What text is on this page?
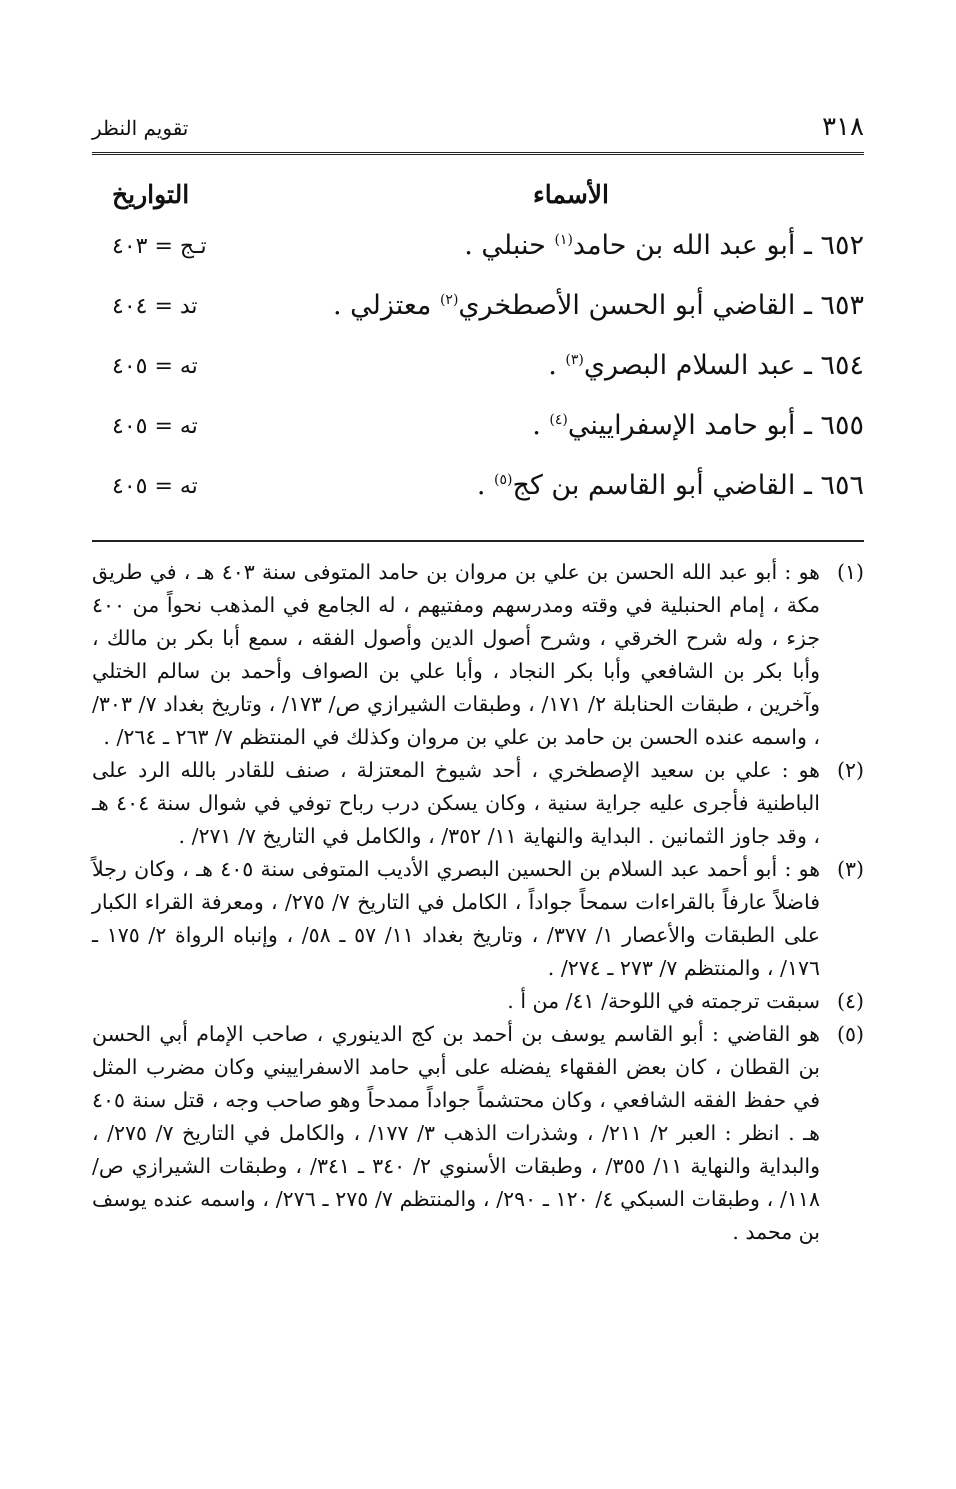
٣١٨
تقويم النظر
الأسماء
التواريخ
٦٥٢ ـ أبو عبد الله بن حامد$^{(١)}$ حنبلي .
تـج = ٤٠٣
٦٥٣ ـ القاضي أبو الحسن الأصطخري$^{(٢)}$ معتزلي .
تد = ٤٠٤
٦٥٤ ـ عبد السلام البصري$^{(٣)}$ .
ته = ٤٠٥
٦٥٥ ـ أبو حامد الإسفراييني$^{(٤)}$ .
ته = ٤٠٥
٦٥٦ ـ القاضي أبو القاسم بن كج$^{(٥)}$ .
ته = ٤٠٥
(١)
هو : أبو عبد الله الحسن بن علي بن مروان بن حامد المتوفى سنة ٤٠٣ هـ ، في طريق مكة ، إمام الحنبلية في وقته ومدرسهم ومفتيهم ، له الجامع في المذهب نحواً من ٤٠٠ جزء ، وله شرح الخرقي ، وشرح أصول الدين وأصول الفقه ، سمع أبا بكر بن مالك ، وأبا بكر بن الشافعي وأبا بكر النجاد ، وأبا علي بن الصواف وأحمد بن سالم الختلي وآخرين ، طبقات الحنابلة ٢/ ١٧١/ ، وطبقات الشيرازي ص/ ١٧٣/ ، وتاريخ بغداد ٧/ ٣٠٣/ ، واسمه عنده الحسن بن حامد بن علي بن مروان وكذلك في المنتظم ٧/ ٢٦٣ ـ ٢٦٤/ .
(٢)
هو : علي بن سعيد الإصطخري ، أحد شيوخ المعتزلة ، صنف للقادر بالله الرد على الباطنية فأجرى عليه جراية سنية ، وكان يسكن درب رباح توفي في شوال سنة ٤٠٤ هـ ، وقد جاوز الثمانين . البداية والنهاية ١١/ ٣٥٢/ ، والكامل في التاريخ ٧/ ٢٧١/ .
(٣)
هو : أبو أحمد عبد السلام بن الحسين البصري الأديب المتوفى سنة ٤٠٥ هـ ، وكان رجلاً فاضلاً عارفاً بالقراءات سمحاً جواداً ، الكامل في التاريخ ٧/ ٢٧٥/ ، ومعرفة القراء الكبار على الطبقات والأعصار ١/ ٣٧٧/ ، وتاريخ بغداد ١١/ ٥٧ ـ ٥٨/ ، وإنباه الرواة ٢/ ١٧٥ ـ ١٧٦/ ، والمنتظم ٧/ ٢٧٣ ـ ٢٧٤/ .
(٤)
سبقت ترجمته في اللوحة/ ٤١/ من أ .
(٥)
هو القاضي : أبو القاسم يوسف بن أحمد بن كج الدينوري ، صاحب الإمام أبي الحسن بن القطان ، كان بعض الفقهاء يفضله على أبي حامد الاسفراييني وكان مضرب المثل في حفظ الفقه الشافعي ، وكان محتشماً جواداً ممدحاً وهو صاحب وجه ، قتل سنة ٤٠٥ هـ . انظر : العبر ٢/ ٢١١/ ، وشذرات الذهب ٣/ ١٧٧/ ، والكامل في التاريخ ٧/ ٢٧٥/ ، والبداية والنهاية ١١/ ٣٥٥/ ، وطبقات الأسنوي ٢/ ٣٤٠ ـ ٣٤١/ ، وطبقات الشيرازي ص/ ١١٨/ ، وطبقات السبكي ٤/ ١٢٠ ـ ٢٩٠/ ، والمنتظم ٧/ ٢٧٥ ـ ٢٧٦/ ، واسمه عنده يوسف بن محمد .
